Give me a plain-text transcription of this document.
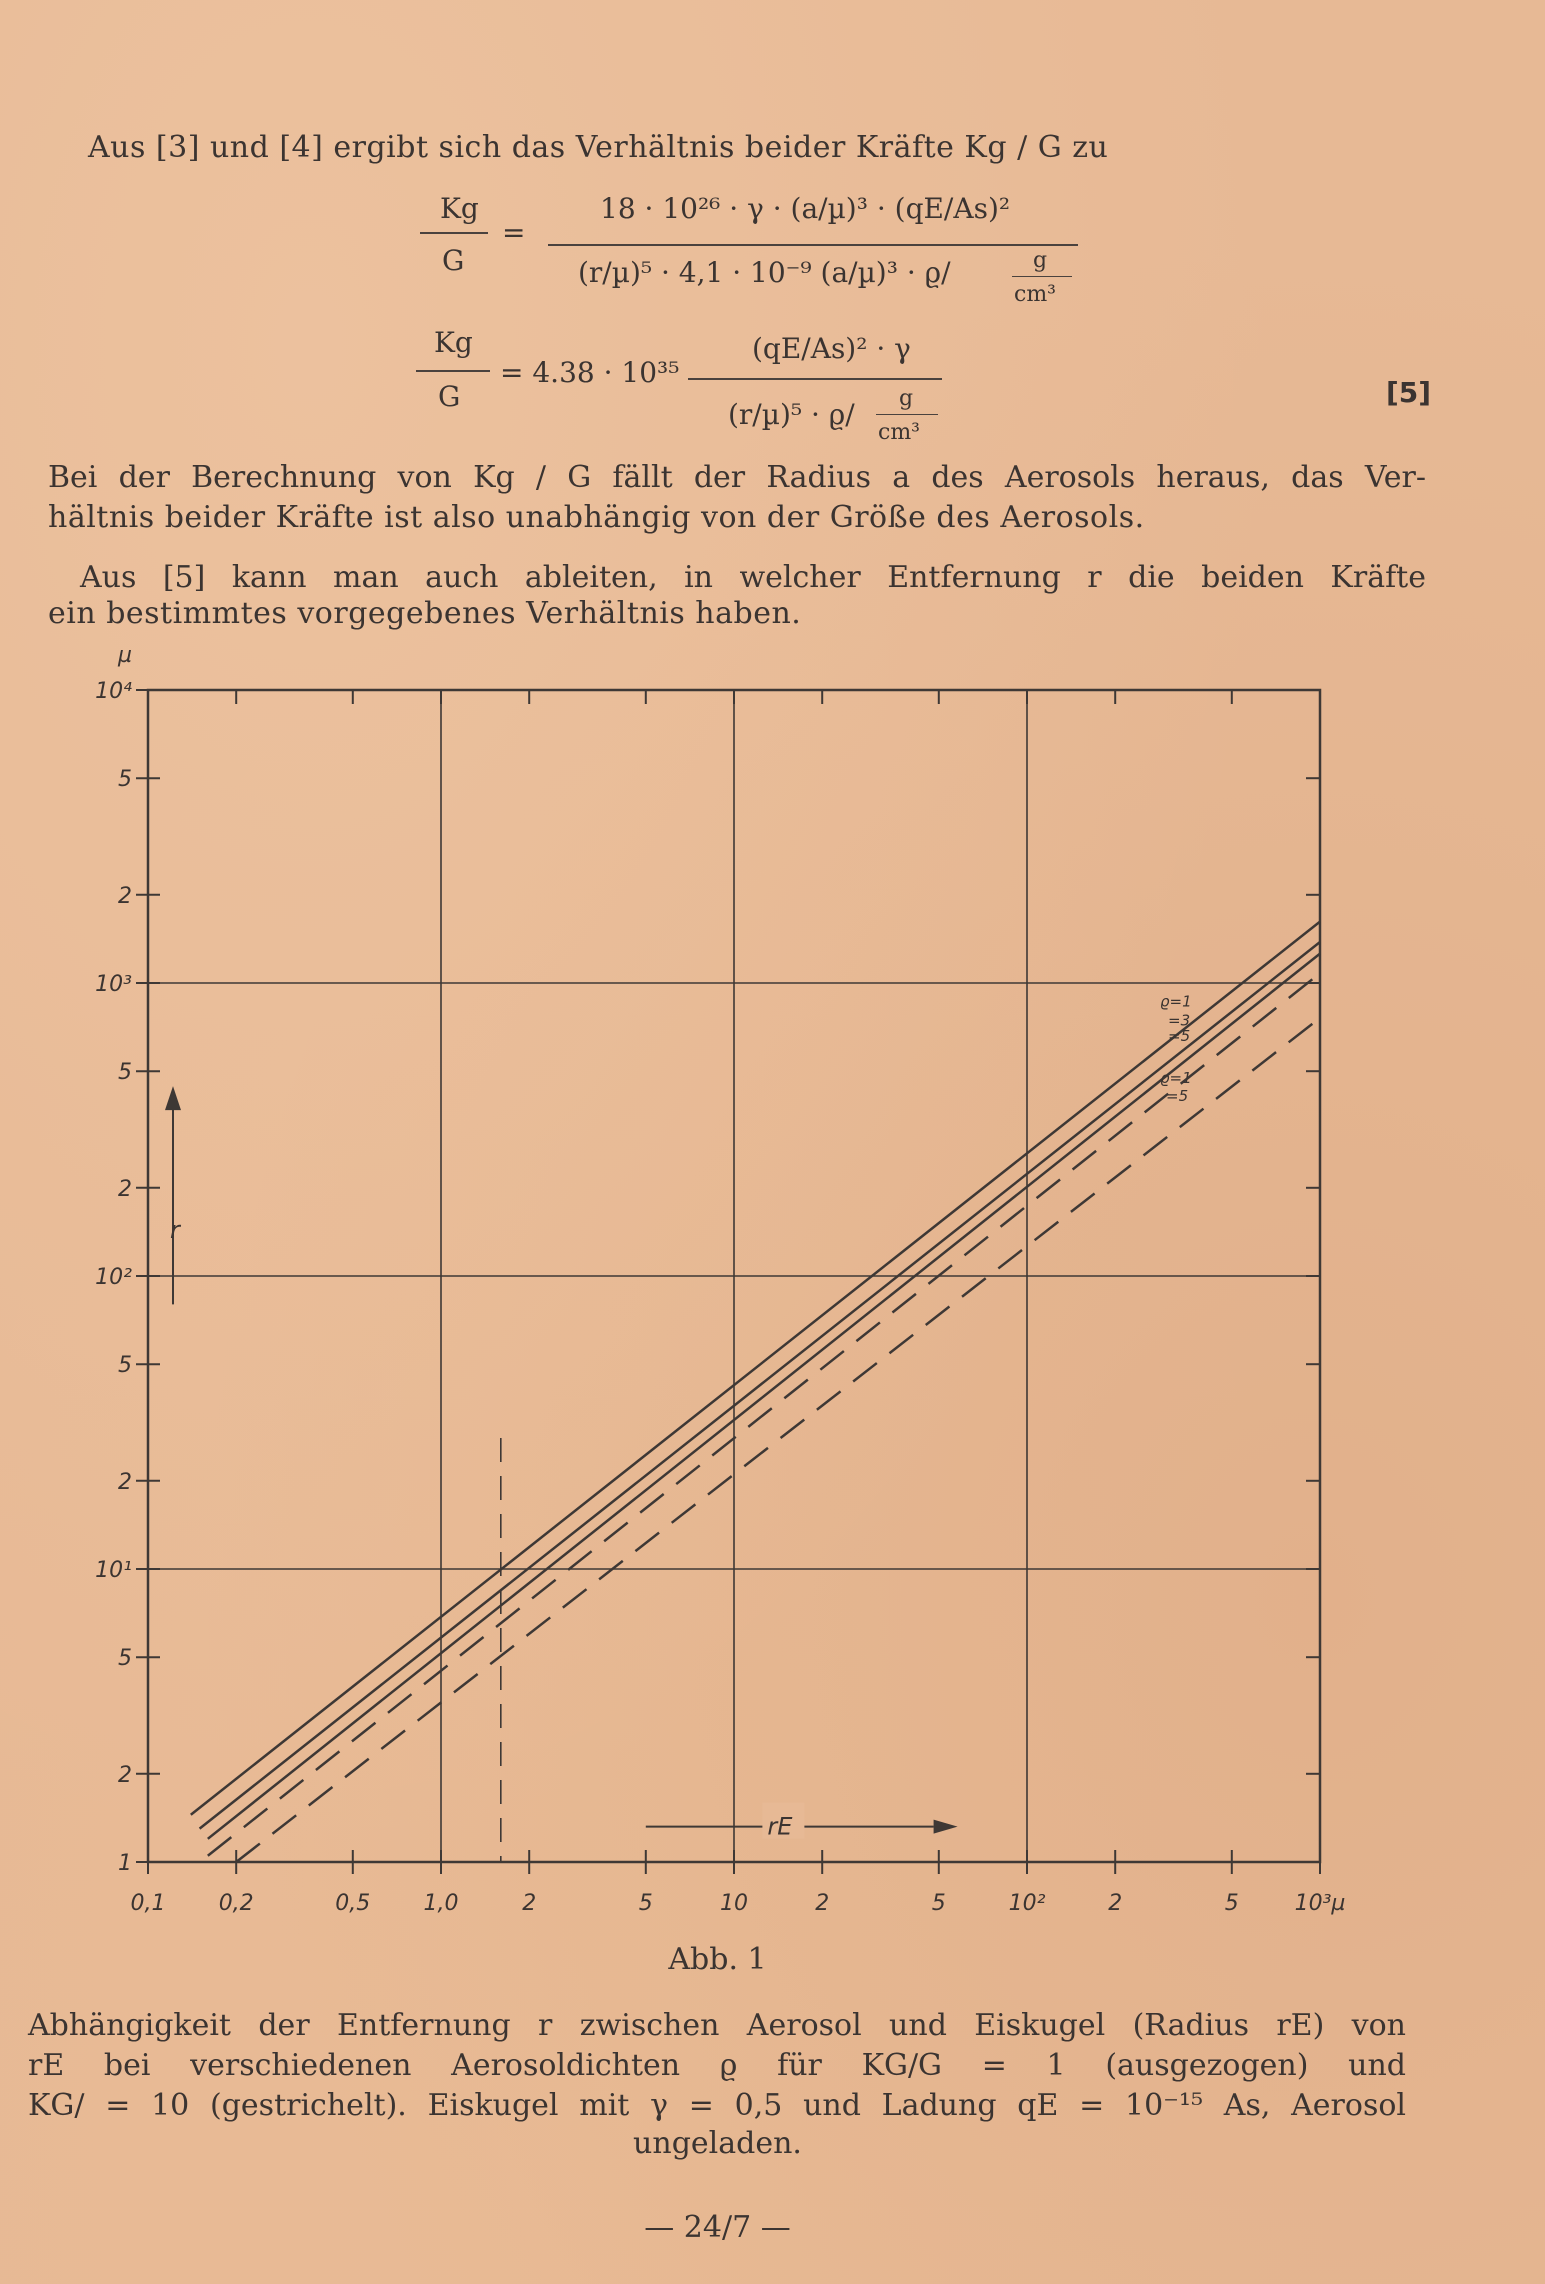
Aus [3] und [4] ergibt sich das Verhältnis beider Kräfte Kg / G zu
Kg
G
=
18 · 10²⁶ · γ · (a/µ)³ · (qE/As)²
(r/µ)⁵ · 4,1 · 10⁻⁹ (a/µ)³ · ϱ/	g
cm³
Kg
G
= 4.38 · 10³⁵
(qE/As)² · γ
(r/µ)⁵ · ϱ/ g
cm³
[5]
Bei der Berechnung von Kg / G fällt der Radius a des Aerosols heraus, das Ver-
hältnis beider Kräfte ist also unabhängig von der Größe des Aerosols.
Aus [5] kann man auch ableiten, in welcher Entfernung r die beiden Kräfte
ein bestimmtes vorgegebenes Verhältnis haben.
0,1 0,2	0,5 1,0	2	5	10	2	5	10²	2	5	10³µ
1
2
5
10¹
2
5
10²
2
5
10³
2
5
10⁴
µ
r
rE
ϱ=1
=3
=5
ϱ=1
=5
Abb. 1
Abhängigkeit der Entfernung r zwischen Aerosol und Eiskugel (Radius rE) von
rE bei verschiedenen Aerosoldichten ϱ für KG/G = 1 (ausgezogen) und
KG/ = 10 (gestrichelt). Eiskugel mit γ = 0,5 und Ladung qE = 10⁻¹⁵ As, Aerosol
ungeladen.
— 24/7 —
